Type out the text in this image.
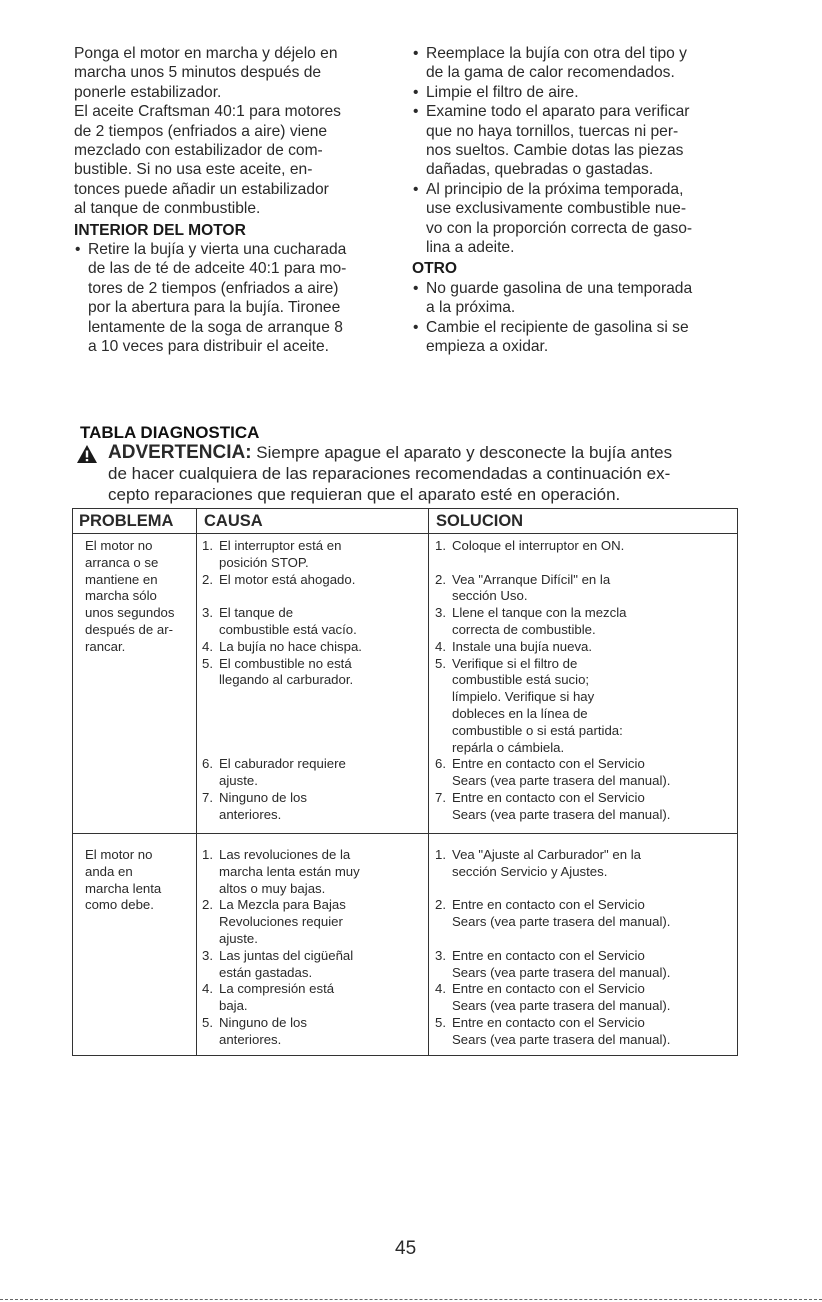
Ponga el motor en marcha y déjelo en
marcha unos 5 minutos después de
ponerle estabilizador.
El aceite Craftsman 40:1 para motores
de 2 tiempos (enfriados a aire) viene
mezclado con estabilizador de com-
bustible. Si no usa este aceite, en-
tonces puede añadir un estabilizador
al tanque de conmbustible.
INTERIOR DEL MOTOR
• Retire la bujía y vierta una cucharada
de las de té de adceite 40:1 para mo-
tores de 2 tiempos (enfriados a aire)
por la abertura para la bujía. Tironee
lentamente de la soga de arranque 8
a 10 veces para distribuir el aceite.
• Reemplace la bujía con otra del tipo y
de la gama de calor recomendados.
• Limpie el filtro de aire.
• Examine todo el aparato para verificar
que no haya tornillos, tuercas ni per-
nos sueltos. Cambie dotas las piezas
dañadas, quebradas o gastadas.
• Al principio de la próxima temporada,
use exclusivamente combustible nue-
vo con la proporción correcta de gaso-
lina a adeite.
OTRO
• No guarde gasolina de una temporada
a la próxima.
• Cambie el recipiente de gasolina si se
empieza a oxidar.
TABLA DIAGNOSTICA
ADVERTENCIA: Siempre apague el aparato y desconecte la bujía antes
de hacer cualquiera de las reparaciones recomendadas a continuación ex-
cepto reparaciones que requieran que el aparato esté en operación.
PROBLEMA CAUSA	SOLUCION
El motor no
arranca o se
mantiene en
marcha sólo
unos segundos
después de ar-
rancar.
1. El interruptor está en
posición STOP.
2. El motor está ahogado.

3. El tanque de
combustible está vacío.
4. La bujía no hace chispa.
5. El combustible no está
llegando al carburador.

6. El caburador requiere
ajuste.
7. Ninguno de los
anteriores.
1. Coloque el interruptor en ON.

2. Vea "Arranque Difícil" en la
sección Uso.
3. Llene el tanque con la mezcla
correcta de combustible.
4. Instale una bujía nueva.
5. Verifique si el filtro de
combustible está sucio;
límpielo. Verifique si hay
dobleces en la línea de
combustible o si está partida:
repárla o cámbiela.
6. Entre en contacto con el Servicio
Sears (vea parte trasera del manual).
7. Entre en contacto con el Servicio
Sears (vea parte trasera del manual).
El motor no
anda en
marcha lenta
como debe.
1. Las revoluciones de la
marcha lenta están muy
altos o muy bajas.
2. La Mezcla para Bajas
Revoluciones requier
ajuste.
3. Las juntas del cigüeñal
están gastadas.
4. La compresión está
baja.
5. Ninguno de los
anteriores.
1. Vea "Ajuste al Carburador" en la
sección Servicio y Ajustes.

2. Entre en contacto con el Servicio
Sears (vea parte trasera del manual).

3. Entre en contacto con el Servicio
Sears (vea parte trasera del manual).
4. Entre en contacto con el Servicio
Sears (vea parte trasera del manual).
5. Entre en contacto con el Servicio
Sears (vea parte trasera del manual).
45
